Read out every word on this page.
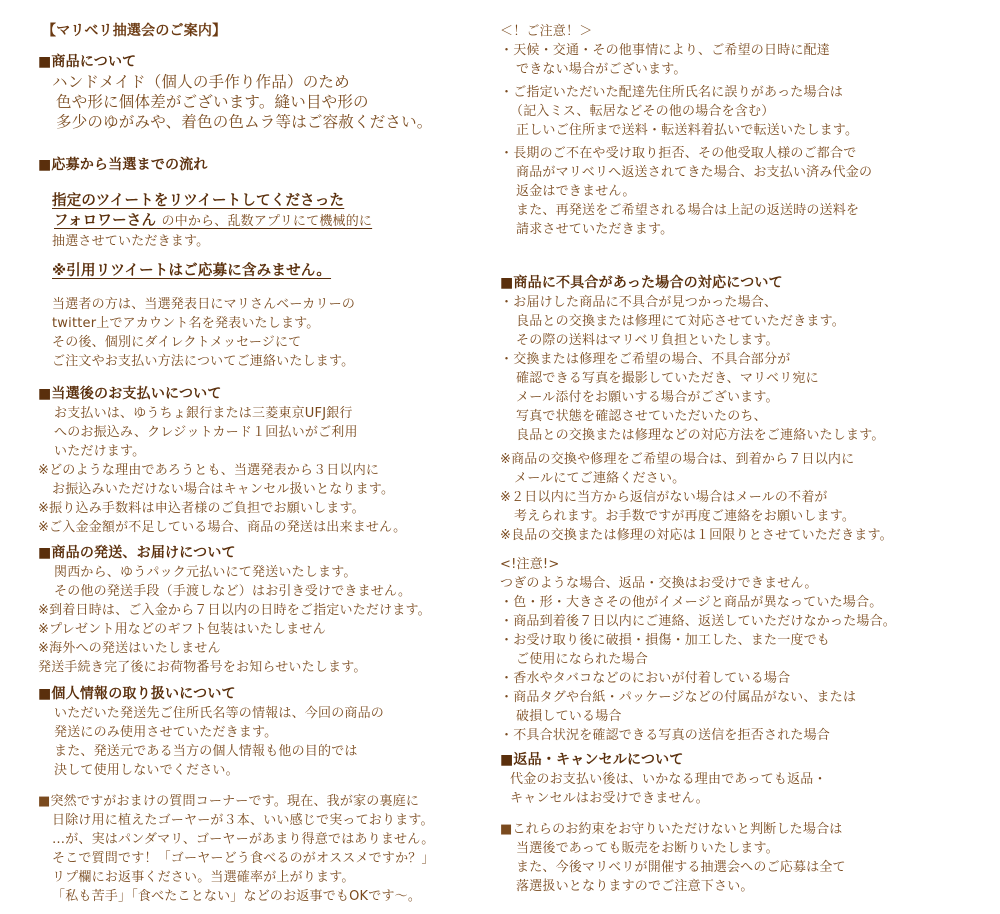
【マリベリ抽選会のご案内】
■商品について
ハンドメイド（個人の手作り作品）のため
色や形に個体差がございます。縫い目や形の
多少のゆがみや、着色の色ムラ等はご容赦ください。
■応募から当選までの流れ
指定のツイートをリツイートしてくださった
フォロワーさん の中から、乱数アプリにて機械的に
抽選させていただきます。
※引用リツイートはご応募に含みません。
当選者の方は、当選発表日にマリさんベーカリーの
twitter上でアカウント名を発表いたします。
その後、個別にダイレクトメッセージにて
ご注文やお支払い方法についてご連絡いたします。
■当選後のお支払いについて
お支払いは、ゆうちょ銀行または三菱東京UFJ銀行
へのお振込み、クレジットカード１回払いがご利用
いただけます。
※どのような理由であろうとも、当選発表から３日以内に
お振込みいただけない場合はキャンセル扱いとなります。
※振り込み手数料は申込者様のご負担でお願いします。
※ご入金金額が不足している場合、商品の発送は出来ません。
■商品の発送、お届けについて
関西から、ゆうパック元払いにて発送いたします。
その他の発送手段（手渡しなど）はお引き受けできません。
※到着日時は、ご入金から７日以内の日時をご指定いただけます。
※プレゼント用などのギフト包装はいたしません
※海外への発送はいたしません
発送手続き完了後にお荷物番号をお知らせいたします。
■個人情報の取り扱いについて
いただいた発送先ご住所氏名等の情報は、今回の商品の
発送にのみ使用させていただきます。
また、発送元である当方の個人情報も他の目的では
決して使用しないでください。
■突然ですがおまけの質問コーナーです。現在、我が家の裏庭に
日除け用に植えたゴーヤーが３本、いい感じで実っております。
…が、実はパンダマリ、ゴーヤーがあまり得意ではありません。
そこで質問です！「ゴーヤーどう食べるのがオススメですか？」
リプ欄にお返事ください。当選確率が上がります。
「私も苦手」「食べたことない」などのお返事でもOKです～。
＜！ご注意！＞
・天候・交通・その他事情により、ご希望の日時に配達
できない場合がございます。
・ご指定いただいた配達先住所氏名に誤りがあった場合は
（記入ミス、転居などその他の場合を含む）
正しいご住所まで送料・転送料着払いで転送いたします。
・長期のご不在や受け取り拒否、その他受取人様のご都合で
商品がマリベリへ返送されてきた場合、お支払い済み代金の
返金はできません。
また、再発送をご希望される場合は上記の返送時の送料を
請求させていただきます。
■商品に不具合があった場合の対応について
・お届けした商品に不具合が見つかった場合、
良品との交換または修理にて対応させていただきます。
その際の送料はマリベリ負担といたします。
・交換または修理をご希望の場合、不具合部分が
確認できる写真を撮影していただき、マリベリ宛に
メール添付をお願いする場合がございます。
写真で状態を確認させていただいたのち、
良品との交換または修理などの対応方法をご連絡いたします。
※商品の交換や修理をご希望の場合は、到着から７日以内に
メールにてご連絡ください。
※２日以内に当方から返信がない場合はメールの不着が
考えられます。お手数ですが再度ご連絡をお願いします。
※良品の交換または修理の対応は１回限りとさせていただきます。
<!注意!>
つぎのような場合、返品・交換はお受けできません。
・色・形・大きさその他がイメージと商品が異なっていた場合。
・商品到着後７日以内にご連絡、返送していただけなかった場合。
・お受け取り後に破損・損傷・加工した、また一度でも
ご使用になられた場合
・香水やタバコなどのにおいが付着している場合
・商品タグや台紙・パッケージなどの付属品がない、または
破損している場合
・不具合状況を確認できる写真の送信を拒否された場合
■返品・キャンセルについて
代金のお支払い後は、いかなる理由であっても返品・
キャンセルはお受けできません。
■これらのお約束をお守りいただけないと判断した場合は
当選後であっても販売をお断りいたします。
また、今後マリベリが開催する抽選会へのご応募は全て
落選扱いとなりますのでご注意下さい。
